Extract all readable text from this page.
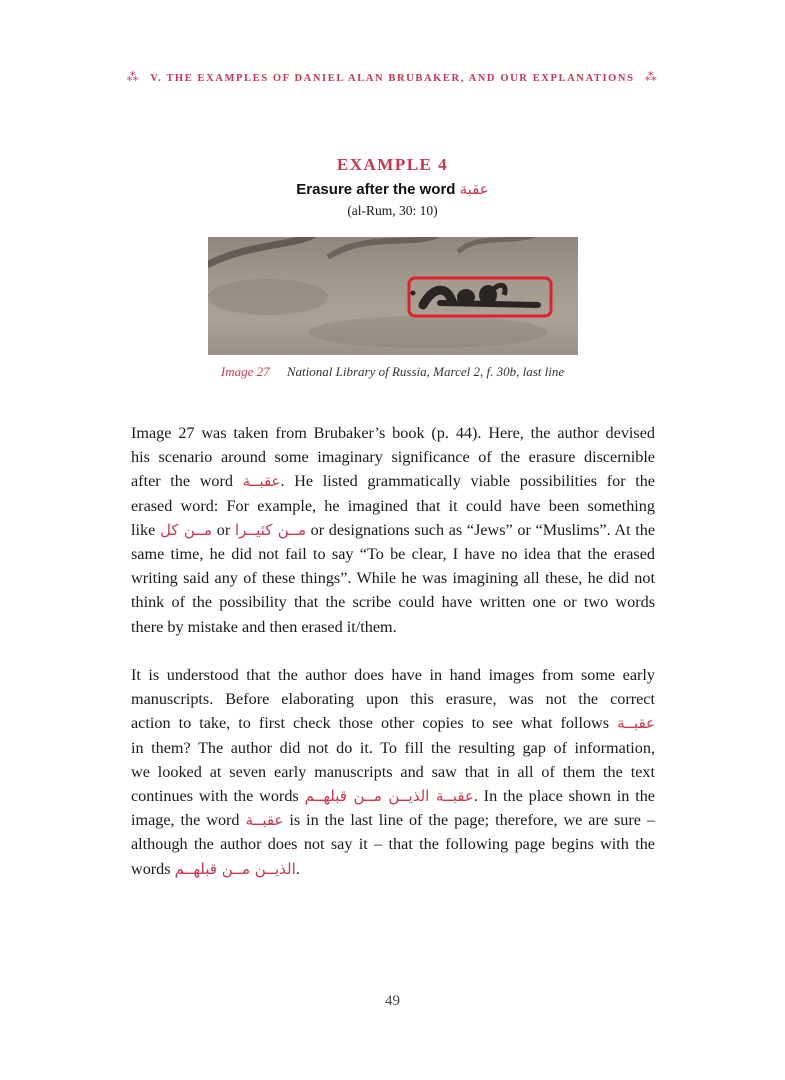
⁂ V. THE EXAMPLES OF DANIEL ALAN BRUBAKER, AND OUR EXPLANATIONS ⁂
EXAMPLE 4
Erasure after the word عقبة
(al-Rum, 30: 10)
Image 27 National Library of Russia, Marcel 2, f. 30b, last line
Image 27 was taken from Brubaker’s book (p. 44). Here, the author devised
his scenario around some imaginary significance of the erasure discernible
after the word عقبــة. He listed grammatically viable possibilities for the
erased word: For example, he imagined that it could have been something
like مــن كل or مــن كثيــرا or designations such as “Jews” or “Muslims”. At the
same time, he did not fail to say “To be clear, I have no idea that the erased
writing said any of these things”. While he was imagining all these, he did not
think of the possibility that the scribe could have written one or two words
there by mistake and then erased it/them.
It is understood that the author does have in hand images from some early
manuscripts. Before elaborating upon this erasure, was not the correct
action to take, to first check those other copies to see what follows عقبــة
in them? The author did not do it. To fill the resulting gap of information,
we looked at seven early manuscripts and saw that in all of them the text
continues with the words عقبــة الذيــن مــن قبلهــم. In the place shown in the
image, the word عقبــة is in the last line of the page; therefore, we are sure –
although the author does not say it – that the following page begins with the
words الذيــن مــن قبلهــم.
49
